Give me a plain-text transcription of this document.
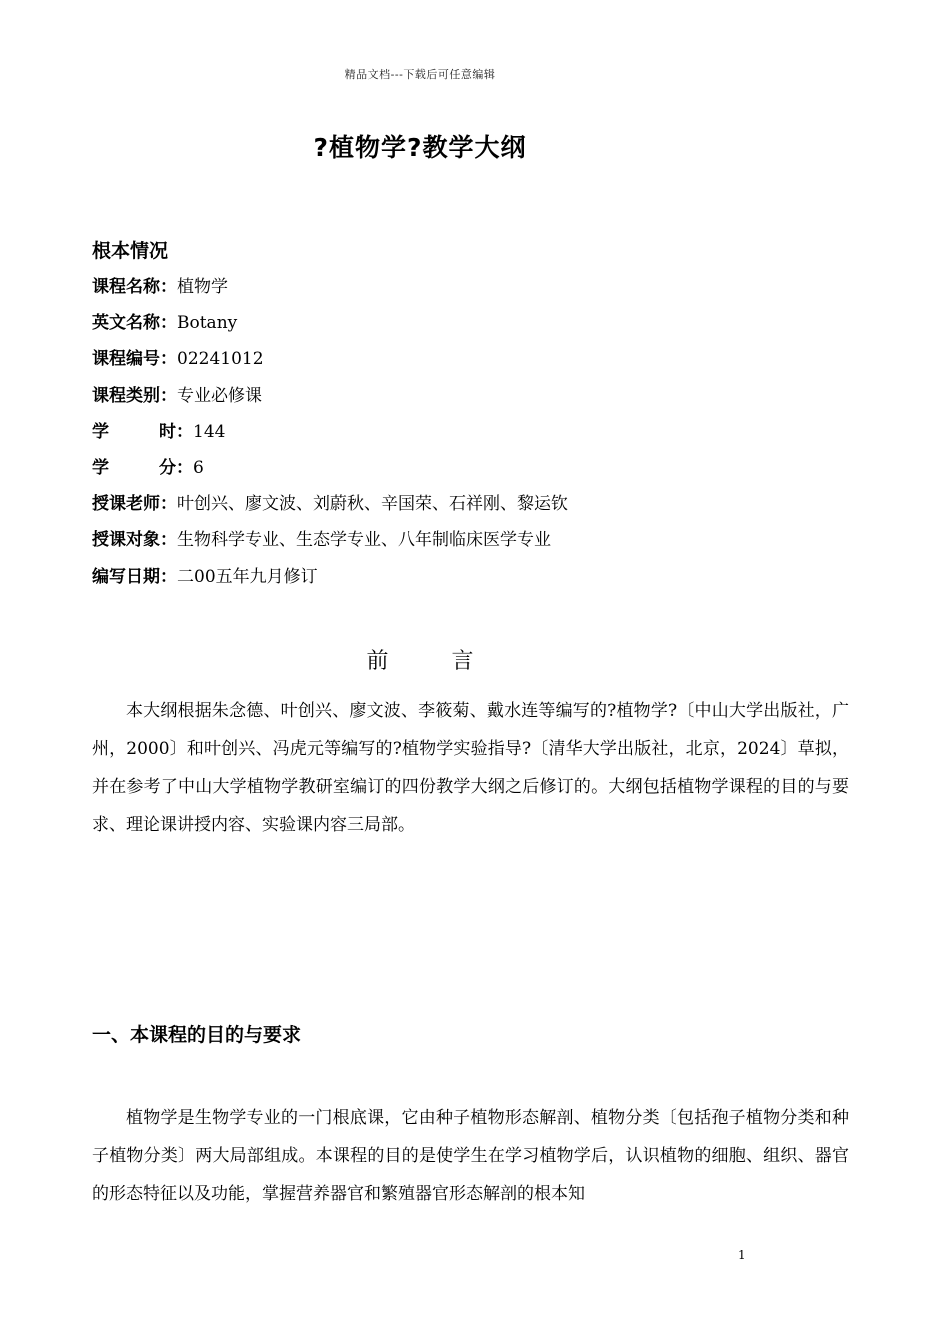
精品文档---下载后可任意编辑
?植物学?教学大纲
根本情况
课程名称：植物学
英文名称：Botany
课程编号：02241012
课程类别：专业必修课
学 时：144
学 分：6
授课老师：叶创兴、廖文波、刘蔚秋、辛国荣、石祥刚、黎运钦
授课对象：生物科学专业、生态学专业、八年制临床医学专业
编写日期：二00五年九月修订
前 言

本大纲根据朱念德、叶创兴、廖文波、李筱菊、戴水连等编写的?植物学?〔中山大学出版社，广州，2000〕和叶创兴、冯虎元等编写的?植物学实验指导?〔清华大学出版社，北京，2024〕草拟，并在参考了中山大学植物学教研室编订的四份教学大纲之后修订的。大纲包括植物学课程的目的与要求、理论课讲授内容、实验课内容三局部。

一、本课程的目的与要求

植物学是生物学专业的一门根底课，它由种子植物形态解剖、植物分类〔包括孢子植物分类和种子植物分类〕两大局部组成。本课程的目的是使学生在学习植物学后，认识植物的细胞、组织、器官的形态特征以及功能，掌握营养器官和繁殖器官形态解剖的根本知

1
